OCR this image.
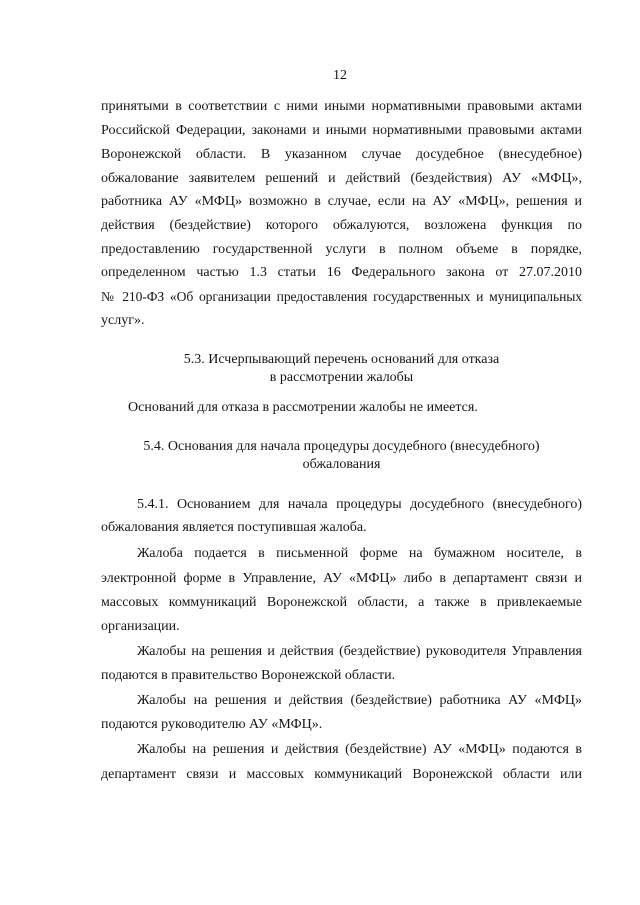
12

принятыми в соответствии с ними иными нормативными правовыми актами

Российской Федерации, законами и иными нормативными правовыми актами

Воронежской области. В указанном случае досудебное (внесудебное)

обжалование заявителем решений и действий (бездействия) АУ «МФЦ»,

работника АУ «МФЦ» возможно в случае, если на АУ «МФЦ», решения и

действия (бездействие) которого обжалуются, возложена функция по

предоставлению государственной услуги в полном объеме в порядке,

определенном частью 1.3 статьи 16 Федерального закона от 27.07.2010

№ 210-ФЗ «Об организации предоставления государственных и муниципальных

услуг».

5.3. Исчерпывающий перечень оснований для отказа

в рассмотрении жалобы

Оснований для отказа в рассмотрении жалобы не имеется.

5.4. Основания для начала процедуры досудебного (внесудебного)

обжалования

5.4.1. Основанием для начала процедуры досудебного (внесудебного)

обжалования является поступившая жалоба.

Жалоба подается в письменной форме на бумажном носителе, в

электронной форме в Управление, АУ «МФЦ» либо в департамент связи и

массовых коммуникаций Воронежской области, а также в привлекаемые

организации.

Жалобы на решения и действия (бездействие) руководителя Управления

подаются в правительство Воронежской области.

Жалобы на решения и действия (бездействие) работника АУ «МФЦ»

подаются руководителю АУ «МФЦ».

Жалобы на решения и действия (бездействие) АУ «МФЦ» подаются в

департамент связи и массовых коммуникаций Воронежской области или
